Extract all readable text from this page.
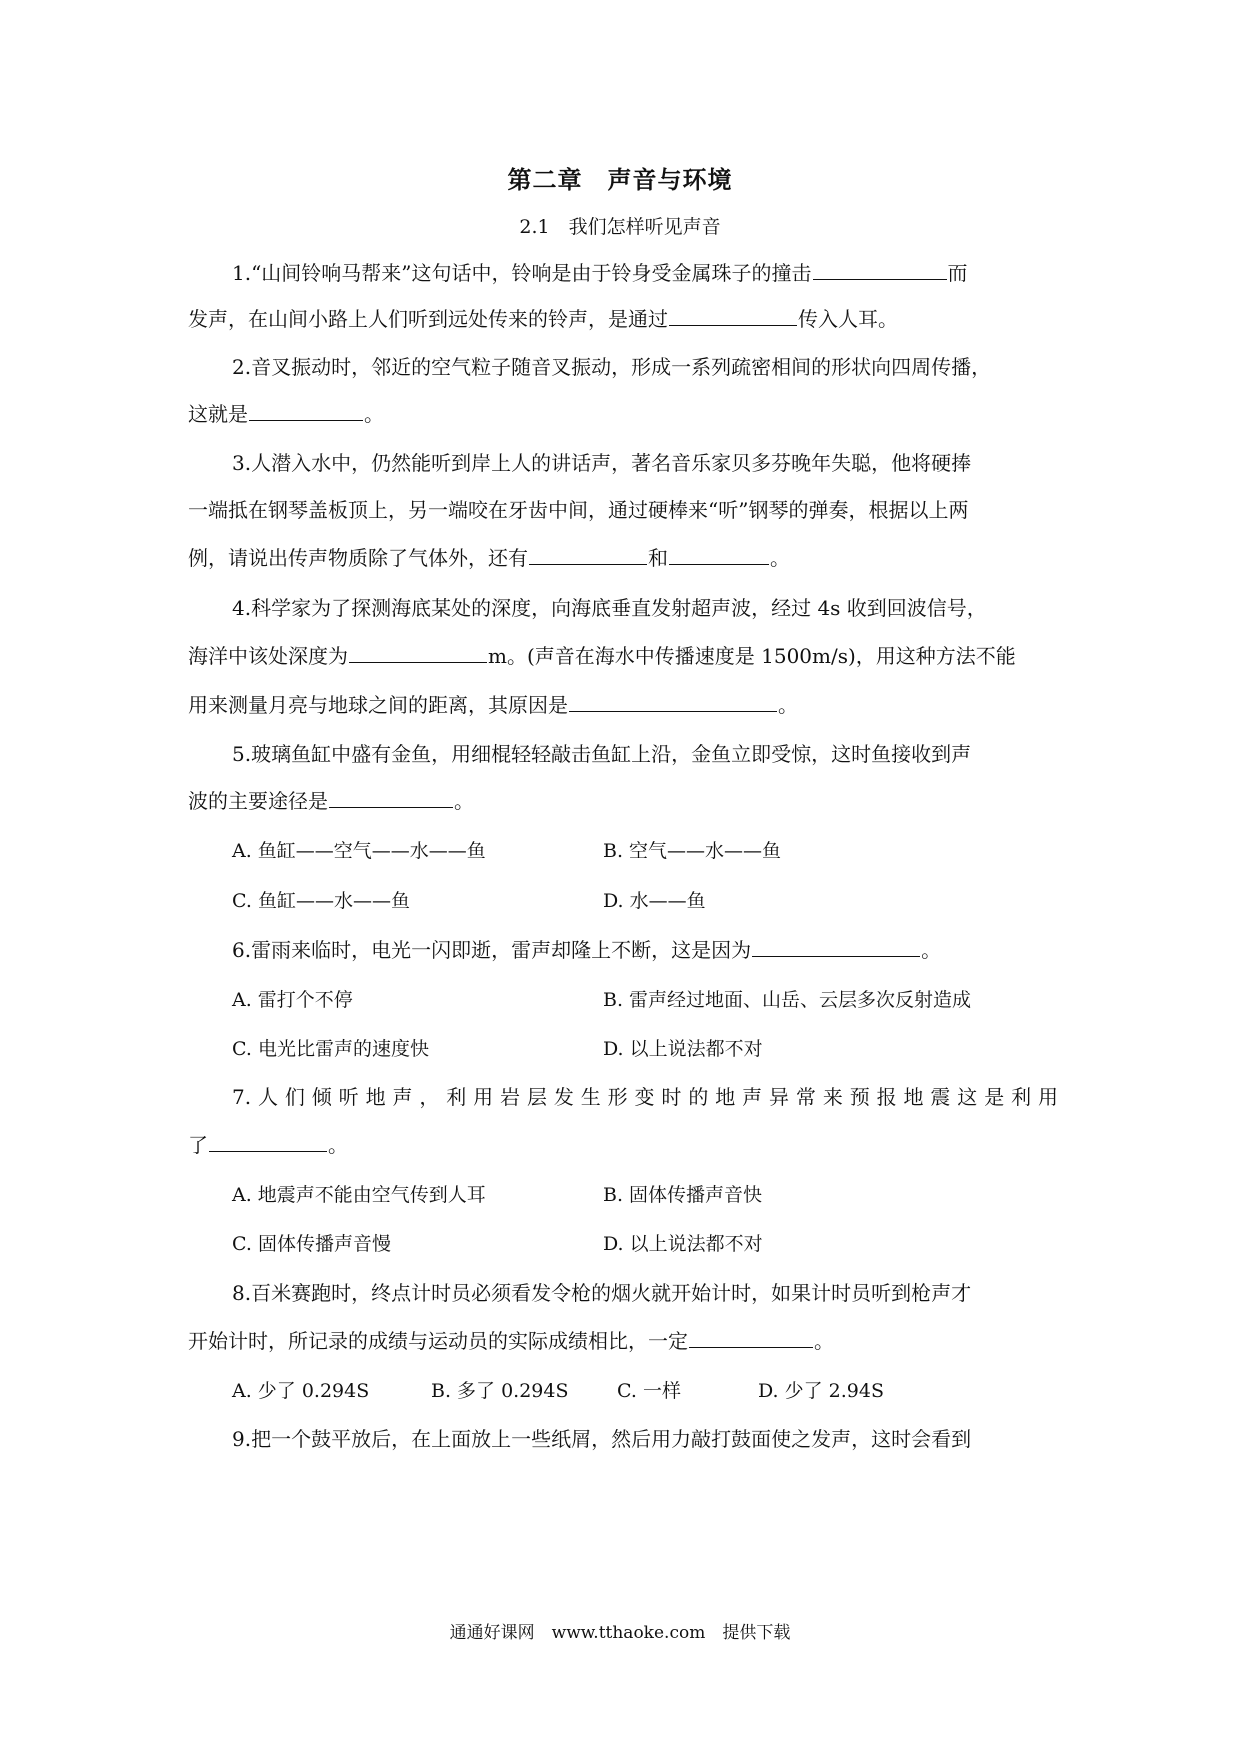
第二章　声音与环境
2.1　我们怎样听见声音
1.“山间铃响马帮来”这句话中，铃响是由于铃身受金属珠子的撞击	而
发声，在山间小路上人们听到远处传来的铃声，是通过	传入人耳。
2.音叉振动时，邻近的空气粒子随音叉振动，形成一系列疏密相间的形状向四周传播，
这就是	。
3.人潜入水中，仍然能听到岸上人的讲话声，著名音乐家贝多芬晚年失聪，他将硬捧
一端抵在钢琴盖板顶上，另一端咬在牙齿中间，通过硬棒来“听”钢琴的弹奏，根据以上两
例，请说出传声物质除了气体外，还有	和	。
4.科学家为了探测海底某处的深度，向海底垂直发射超声波，经过 4s 收到回波信号，
海洋中该处深度为	m。(声音在海水中传播速度是 1500m/s)，用这种方法不能
用来测量月亮与地球之间的距离，其原因是	。
5.玻璃鱼缸中盛有金鱼，用细棍轻轻敲击鱼缸上沿，金鱼立即受惊，这时鱼接收到声
波的主要途径是	。
A. 鱼缸——空气——水——鱼	B. 空气——水——鱼
C. 鱼缸——水——鱼	D. 水——鱼
6.雷雨来临时，电光一闪即逝，雷声却隆上不断，这是因为	。
A. 雷打个不停	B. 雷声经过地面、山岳、云层多次反射造成
C. 电光比雷声的速度快	D. 以上说法都不对
7.人们倾听地声，利用岩层发生形变时的地声异常来预报地震这是利用
了	。
A. 地震声不能由空气传到人耳	B. 固体传播声音快
C. 固体传播声音慢	D. 以上说法都不对
8.百米赛跑时，终点计时员必须看发令枪的烟火就开始计时，如果计时员听到枪声才
开始计时，所记录的成绩与运动员的实际成绩相比，一定	。
A. 少了 0.294S	B. 多了 0.294S	C. 一样	D. 少了 2.94S
9.把一个鼓平放后，在上面放上一些纸屑，然后用力敲打鼓面使之发声，这时会看到
通通好课网　www.tthaoke.com　提供下载
